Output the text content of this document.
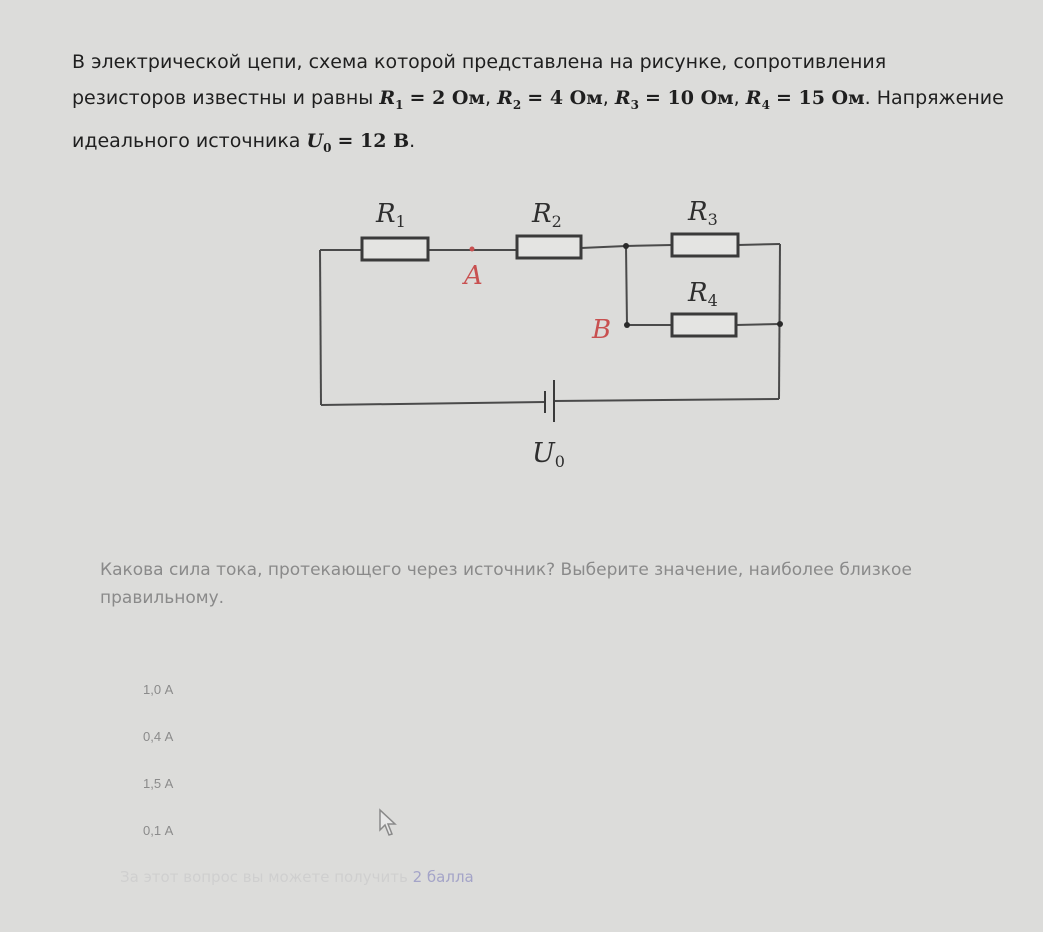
В электрической цепи, схема которой представлена на рисунке, сопротивления
резисторов известны и равны $R_1 = 2$ Ом, $R_2 = 4$ Ом, $R_3 = 10$ Ом, $R_4 = 15$ Ом. Напряжение
идеального источника $U_0 = 12$ В.
R1	R2	R3
R4
U0
A
B
Какова сила тока, протекающего через источник? Выберите значение, наиболее близкое правильному.
1,0 А
0,4 А
1,5 А
0,1 А
За этот вопрос вы можете получить 2 балла
